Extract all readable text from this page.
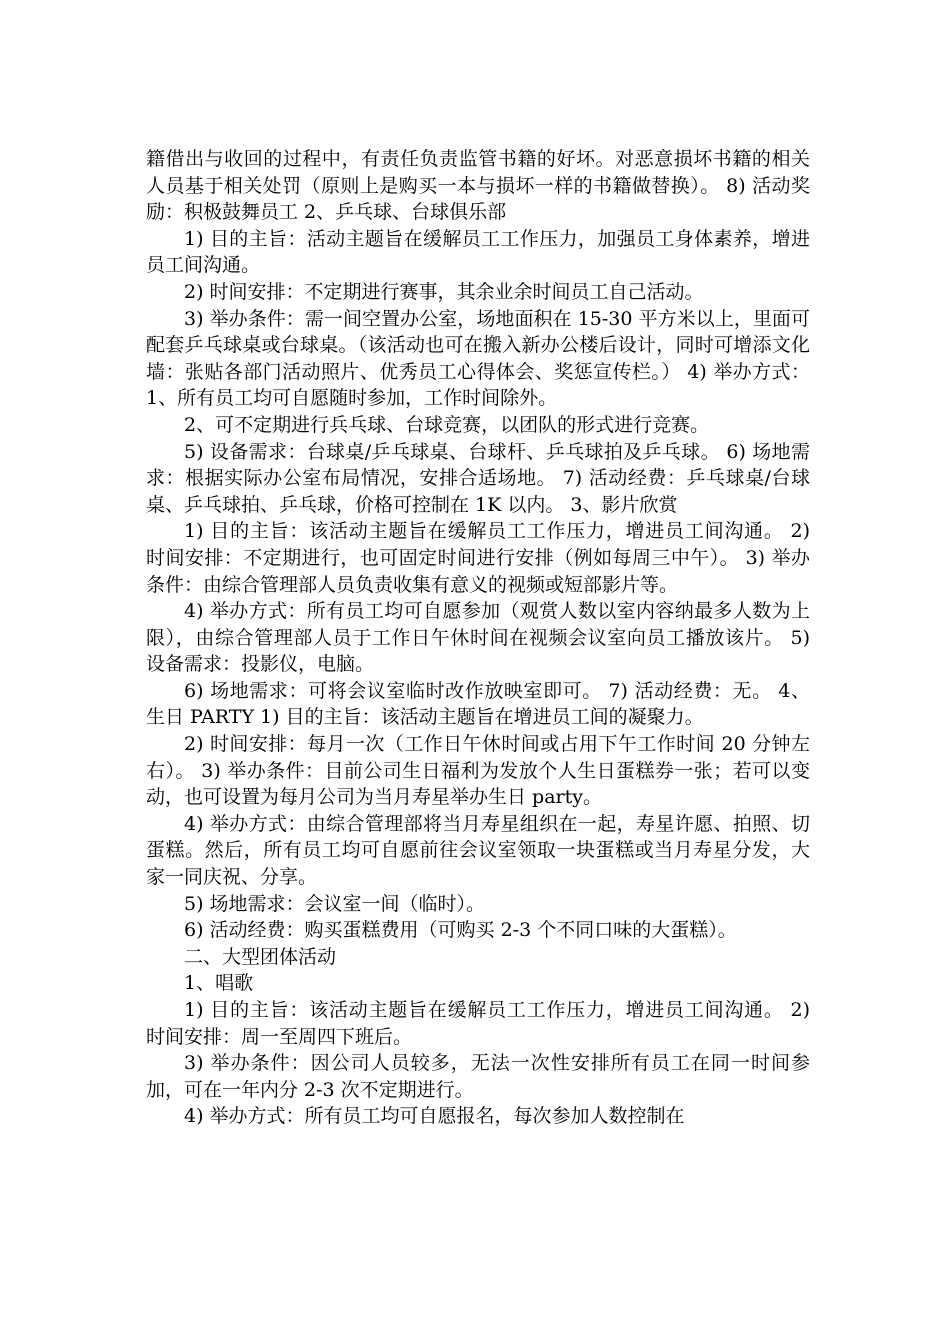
籍借出与收回的过程中，有责任负责监管书籍的好坏。对恶意损坏书籍的相关人员基于相关处罚（原则上是购买一本与损坏一样的书籍做替换）。 8) 活动奖励：积极鼓舞员工 2、乒乓球、台球俱乐部

1) 目的主旨：活动主题旨在缓解员工工作压力，加强员工身体素养，增进员工间沟通。

2) 时间安排：不定期进行赛事，其余业余时间员工自己活动。

3) 举办条件：需一间空置办公室，场地面积在 15-30 平方米以上，里面可配套乒乓球桌或台球桌。（该活动也可在搬入新办公楼后设计，同时可增添文化墙：张贴各部门活动照片、优秀员工心得体会、奖惩宣传栏。） 4) 举办方式：1、所有员工均可自愿随时参加，工作时间除外。

2、可不定期进行兵乓球、台球竞赛，以团队的形式进行竞赛。

5) 设备需求：台球桌/乒乓球桌、台球杆、乒乓球拍及乒乓球。 6) 场地需求：根据实际办公室布局情况，安排合适场地。 7) 活动经费：乒乓球桌/台球桌、乒乓球拍、乒乓球，价格可控制在 1K 以内。 3、影片欣赏

1) 目的主旨：该活动主题旨在缓解员工工作压力，增进员工间沟通。 2) 时间安排：不定期进行，也可固定时间进行安排（例如每周三中午）。 3) 举办条件：由综合管理部人员负责收集有意义的视频或短部影片等。

4) 举办方式：所有员工均可自愿参加（观赏人数以室内容纳最多人数为上限），由综合管理部人员于工作日午休时间在视频会议室向员工播放该片。 5) 设备需求：投影仪，电脑。

6) 场地需求：可将会议室临时改作放映室即可。 7) 活动经费：无。 4、生日 PARTY 1) 目的主旨：该活动主题旨在增进员工间的凝聚力。

2) 时间安排：每月一次（工作日午休时间或占用下午工作时间 20 分钟左右）。 3) 举办条件：目前公司生日福利为发放个人生日蛋糕券一张；若可以变动，也可设置为每月公司为当月寿星举办生日 party。

4) 举办方式：由综合管理部将当月寿星组织在一起，寿星许愿、拍照、切蛋糕。然后，所有员工均可自愿前往会议室领取一块蛋糕或当月寿星分发，大家一同庆祝、分享。

5) 场地需求：会议室一间（临时）。

6) 活动经费：购买蛋糕费用（可购买 2-3 个不同口味的大蛋糕）。

二、大型团体活动

1、唱歌

1) 目的主旨：该活动主题旨在缓解员工工作压力，增进员工间沟通。 2) 时间安排：周一至周四下班后。

3) 举办条件：因公司人员较多，无法一次性安排所有员工在同一时间参加，可在一年内分 2-3 次不定期进行。

4) 举办方式：所有员工均可自愿报名，每次参加人数控制在
